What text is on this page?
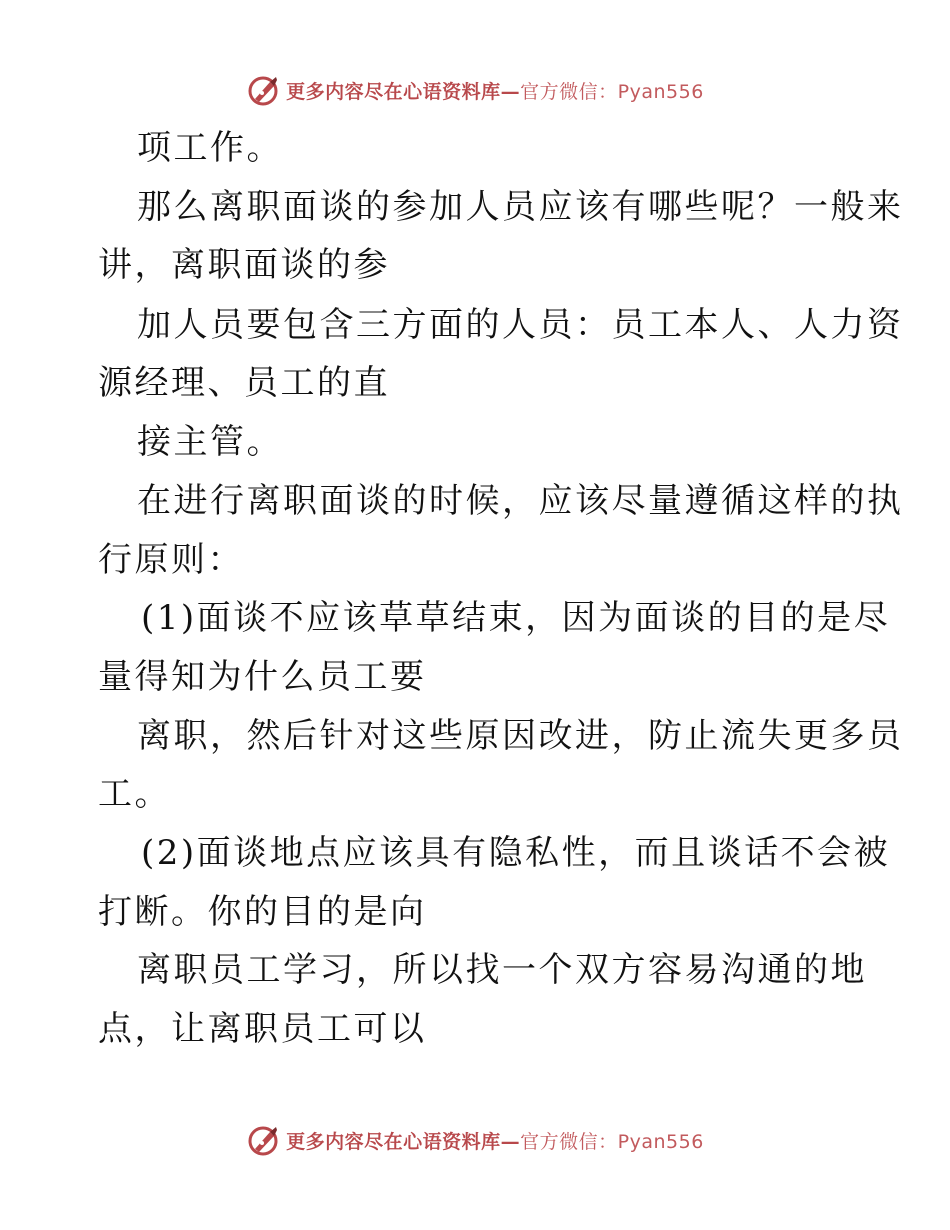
更多内容尽在心语资料库—官方微信：Pyan556
项工作。
那么离职面谈的参加人员应该有哪些呢？一般来
讲，离职面谈的参
加人员要包含三方面的人员：员工本人、人力资
源经理、员工的直
接主管。
在进行离职面谈的时候，应该尽量遵循这样的执
行原则：
(1)面谈不应该草草结束，因为面谈的目的是尽
量得知为什么员工要
离职，然后针对这些原因改进，防止流失更多员
工。
(2)面谈地点应该具有隐私性，而且谈话不会被
打断。你的目的是向
离职员工学习，所以找一个双方容易沟通的地
点，让离职员工可以
更多内容尽在心语资料库—官方微信：Pyan556
